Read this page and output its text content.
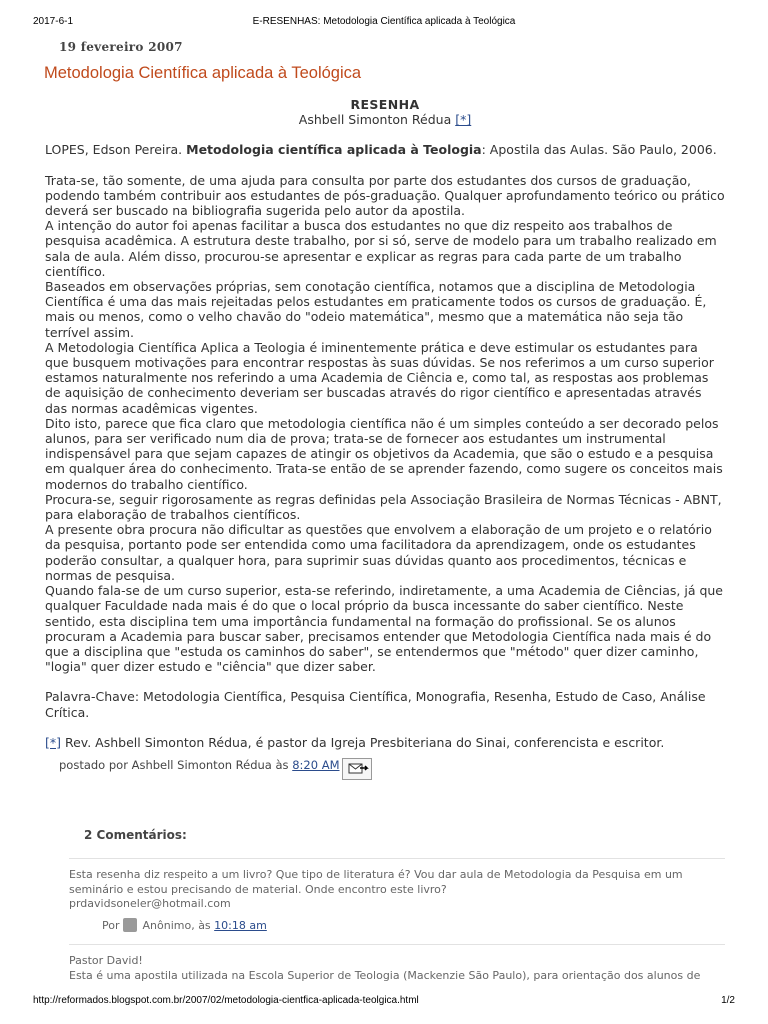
2017-6-1	E-RESENHAS: Metodologia Científica aplicada à Teológica
19 fevereiro 2007
Metodologia Científica aplicada à Teológica

RESENHA

Ashbell Simonton Rédua [*]

LOPES, Edson Pereira. Metodologia científica aplicada à Teologia: Apostila das Aulas. São Paulo, 2006.

Trata-se, tão somente, de uma ajuda para consulta por parte dos estudantes dos cursos de graduação, podendo também contribuir aos estudantes de pós-graduação. Qualquer aprofundamento teórico ou prático deverá ser buscado na bibliografia sugerida pelo autor da apostila.

A intenção do autor foi apenas facilitar a busca dos estudantes no que diz respeito aos trabalhos de pesquisa acadêmica. A estrutura deste trabalho, por si só, serve de modelo para um trabalho realizado em sala de aula. Além disso, procurou-se apresentar e explicar as regras para cada parte de um trabalho científico.

Baseados em observações próprias, sem conotação científica, notamos que a disciplina de Metodologia Científica é uma das mais rejeitadas pelos estudantes em praticamente todos os cursos de graduação. É, mais ou menos, como o velho chavão do "odeio matemática", mesmo que a matemática não seja tão terrível assim.

A Metodologia Científica Aplica a Teologia é iminentemente prática e deve estimular os estudantes para que busquem motivações para encontrar respostas às suas dúvidas. Se nos referimos a um curso superior estamos naturalmente nos referindo a uma Academia de Ciência e, como tal, as respostas aos problemas de aquisição de conhecimento deveriam ser buscadas através do rigor científico e apresentadas através das normas acadêmicas vigentes.

Dito isto, parece que fica claro que metodologia científica não é um simples conteúdo a ser decorado pelos alunos, para ser verificado num dia de prova; trata-se de fornecer aos estudantes um instrumental indispensável para que sejam capazes de atingir os objetivos da Academia, que são o estudo e a pesquisa em qualquer área do conhecimento. Trata-se então de se aprender fazendo, como sugere os conceitos mais modernos do trabalho científico.

Procura-se, seguir rigorosamente as regras definidas pela Associação Brasileira de Normas Técnicas - ABNT, para elaboração de trabalhos científicos.

A presente obra procura não dificultar as questões que envolvem a elaboração de um projeto e o relatório da pesquisa, portanto pode ser entendida como uma facilitadora da aprendizagem, onde os estudantes poderão consultar, a qualquer hora, para suprimir suas dúvidas quanto aos procedimentos, técnicas e normas de pesquisa.

Quando fala-se de um curso superior, esta-se referindo, indiretamente, a uma Academia de Ciências, já que qualquer Faculdade nada mais é do que o local próprio da busca incessante do saber científico. Neste sentido, esta disciplina tem uma importância fundamental na formação do profissional. Se os alunos procuram a Academia para buscar saber, precisamos entender que Metodologia Científica nada mais é do que a disciplina que "estuda os caminhos do saber", se entendermos que "método" quer dizer caminho, "logia" quer dizer estudo e "ciência" que dizer saber.

Palavra-Chave: Metodologia Científica, Pesquisa Científica, Monografia, Resenha, Estudo de Caso, Análise Crítica.

[*] Rev. Ashbell Simonton Rédua, é pastor da Igreja Presbiteriana do Sinai, conferencista e escritor.

postado por Ashbell Simonton Rédua às 8:20 AM
2 Comentários:
Esta resenha diz respeito a um livro? Que tipo de literatura é? Vou dar aula de Metodologia da Pesquisa em um seminário e estou precisando de material. Onde encontro este livro?
prdavidsoneler@hotmail.com
Por  Anônimo, às 10:18 am
Pastor David!
Esta é uma apostila utilizada na Escola Superior de Teologia (Mackenzie São Paulo), para orientação dos alunos de
http://reformados.blogspot.com.br/2007/02/metodologia-cientfica-aplicada-teolgica.html	1/2
